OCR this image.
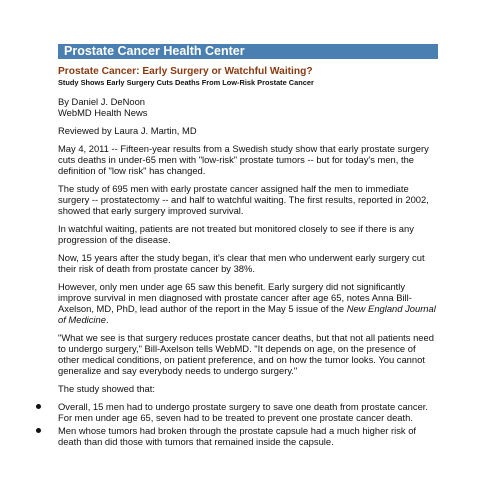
Prostate Cancer Health Center
Prostate Cancer: Early Surgery or Watchful Waiting?
Study Shows Early Surgery Cuts Deaths From Low-Risk Prostate Cancer
By Daniel J. DeNoon
WebMD Health News

Reviewed by Laura J. Martin, MD

May 4, 2011 -- Fifteen-year results from a Swedish study show that early prostate surgery cuts deaths in under-65 men with "low-risk" prostate tumors -- but for today's men, the definition of "low risk" has changed.

The study of 695 men with early prostate cancer assigned half the men to immediate surgery -- prostatectomy -- and half to watchful waiting. The first results, reported in 2002, showed that early surgery improved survival.

In watchful waiting, patients are not treated but monitored closely to see if there is any progression of the disease.

Now, 15 years after the study began, it's clear that men who underwent early surgery cut their risk of death from prostate cancer by 38%.

However, only men under age 65 saw this benefit. Early surgery did not significantly improve survival in men diagnosed with prostate cancer after age 65, notes Anna Bill-Axelson, MD, PhD, lead author of the report in the May 5 issue of the New England Journal of Medicine.

"What we see is that surgery reduces prostate cancer deaths, but that not all patients need to undergo surgery," Bill-Axelson tells WebMD. "It depends on age, on the presence of other medical conditions, on patient preference, and on how the tumor looks. You cannot generalize and say everybody needs to undergo surgery."

The study showed that:

Overall, 15 men had to undergo prostate surgery to save one death from prostate cancer. For men under age 65, seven had to be treated to prevent one prostate cancer death.
Men whose tumors had broken through the prostate capsule had a much higher risk of death than did those with tumors that remained inside the capsule.
